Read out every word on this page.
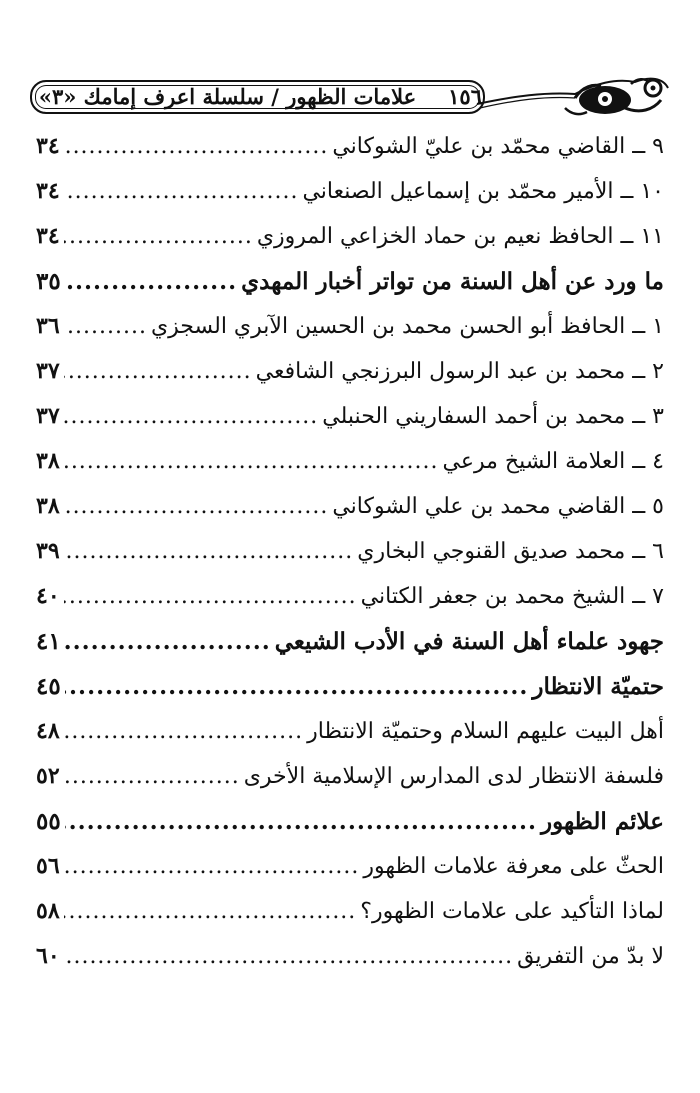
١٥٦علامات الظهور / سلسلة اعرف إمامك «٣»
٩ ــ القاضي محمّد بن عليّ الشوكاني
.....
٣٤
١٠ ــ الأمير محمّد بن إسماعيل الصنعاني
.....
٣٤
١١ ــ الحافظ نعيم بن حماد الخزاعي المروزي
.....
٣٤
ما ورد عن أهل السنة من تواتر أخبار المهدي
.....
٣٥
١ ــ الحافظ أبو الحسن محمد بن الحسين الآبري السجزي
.....
٣٦
٢ ــ محمد بن عبد الرسول البرزنجي الشافعي
.....
٣٧
٣ ــ محمد بن أحمد السفاريني الحنبلي
.....
٣٧
٤ ــ العلامة الشيخ مرعي
.....
٣٨
٥ ــ القاضي محمد بن علي الشوكاني
.....
٣٨
٦ ــ محمد صديق القنوجي البخاري
.....
٣٩
٧ ــ الشيخ محمد بن جعفر الكتاني
.....
٤٠
جهود علماء أهل السنة في الأدب الشيعي
.....
٤١
حتميّة الانتظار
.....
٤٥
أهل البيت عليهم السلام وحتميّة الانتظار
.....
٤٨
فلسفة الانتظار لدى المدارس الإسلامية الأخرى
.....
٥٢
علائم الظهور
.....
٥٥
الحثّ على معرفة علامات الظهور
.....
٥٦
لماذا التأكيد على علامات الظهور؟
.....
٥٨
لا بدّ من التفريق
.....
٦٠
